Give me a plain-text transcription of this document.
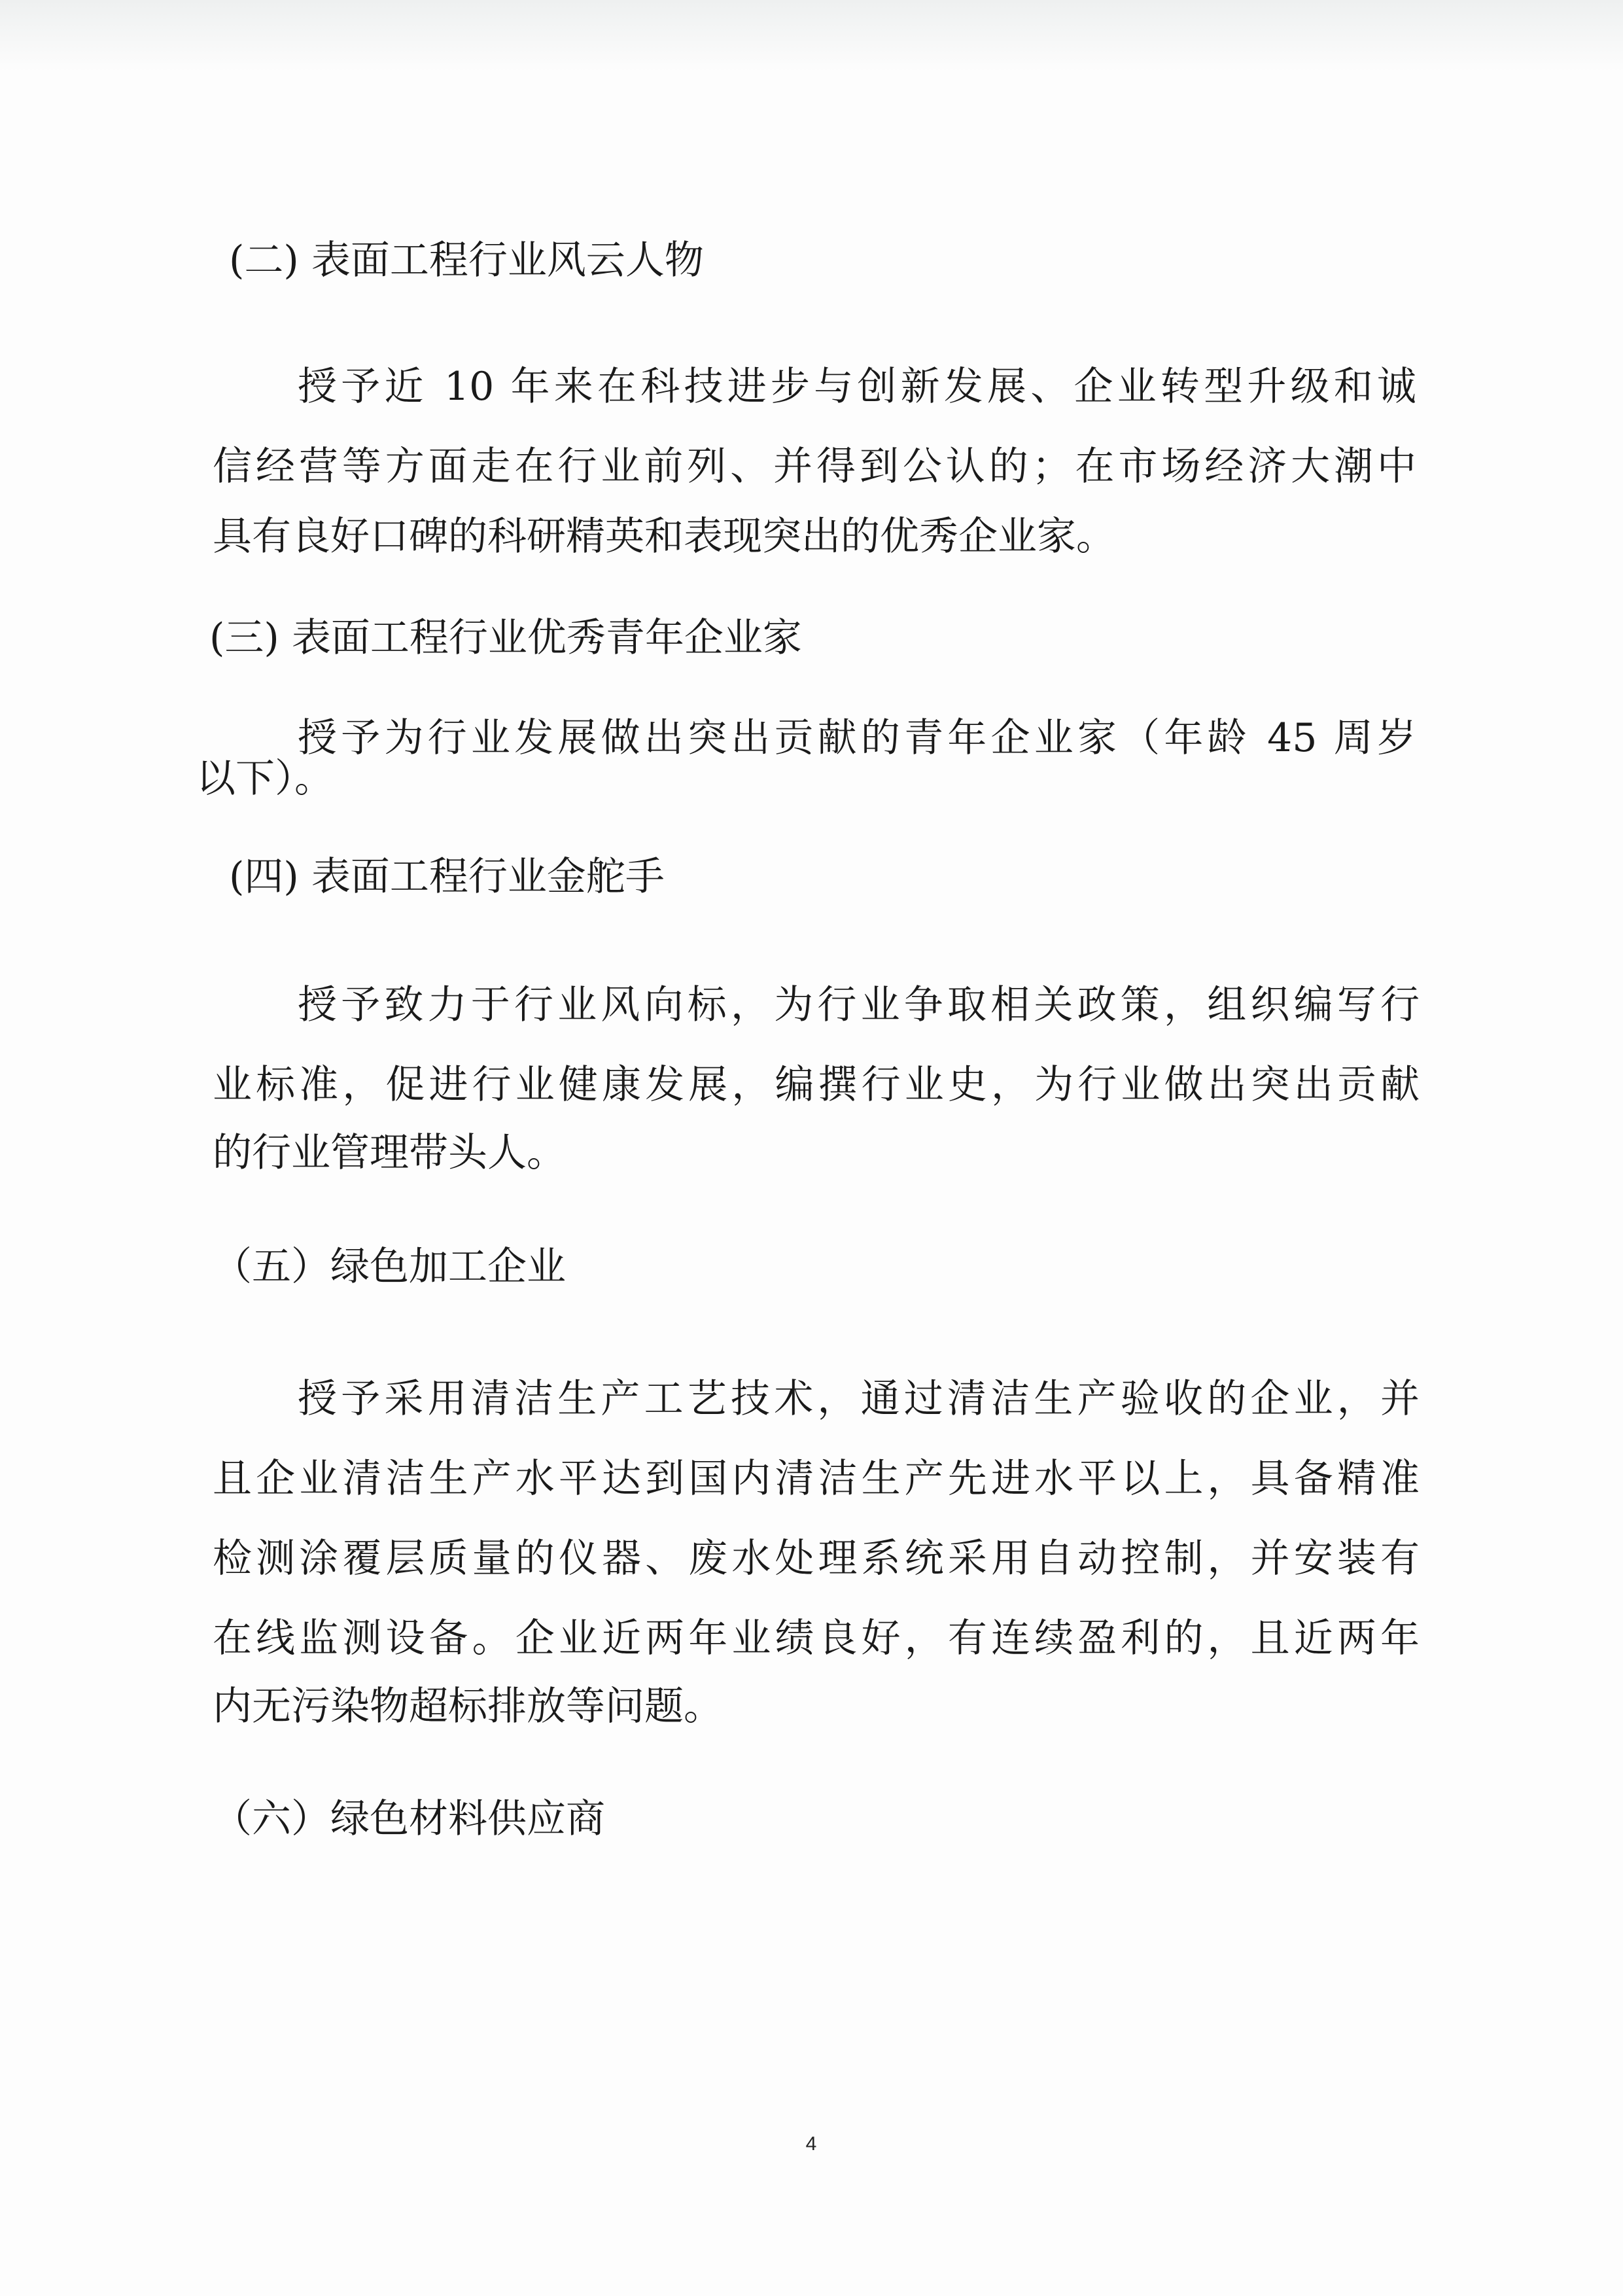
(二) 表面工程行业风云人物
授予近 10 年来在科技进步与创新发展、企业转型升级和诚
信经营等方面走在行业前列、并得到公认的；在市场经济大潮中
具有良好口碑的科研精英和表现突出的优秀企业家。
(三) 表面工程行业优秀青年企业家
授予为行业发展做出突出贡献的青年企业家（年龄 45 周岁
以下）。
(四) 表面工程行业金舵手
授予致力于行业风向标，为行业争取相关政策，组织编写行
业标准，促进行业健康发展，编撰行业史，为行业做出突出贡献
的行业管理带头人。
（五）绿色加工企业
授予采用清洁生产工艺技术，通过清洁生产验收的企业，并
且企业清洁生产水平达到国内清洁生产先进水平以上，具备精准
检测涂覆层质量的仪器、废水处理系统采用自动控制，并安装有
在线监测设备。企业近两年业绩良好，有连续盈利的，且近两年
内无污染物超标排放等问题。
（六）绿色材料供应商
4
